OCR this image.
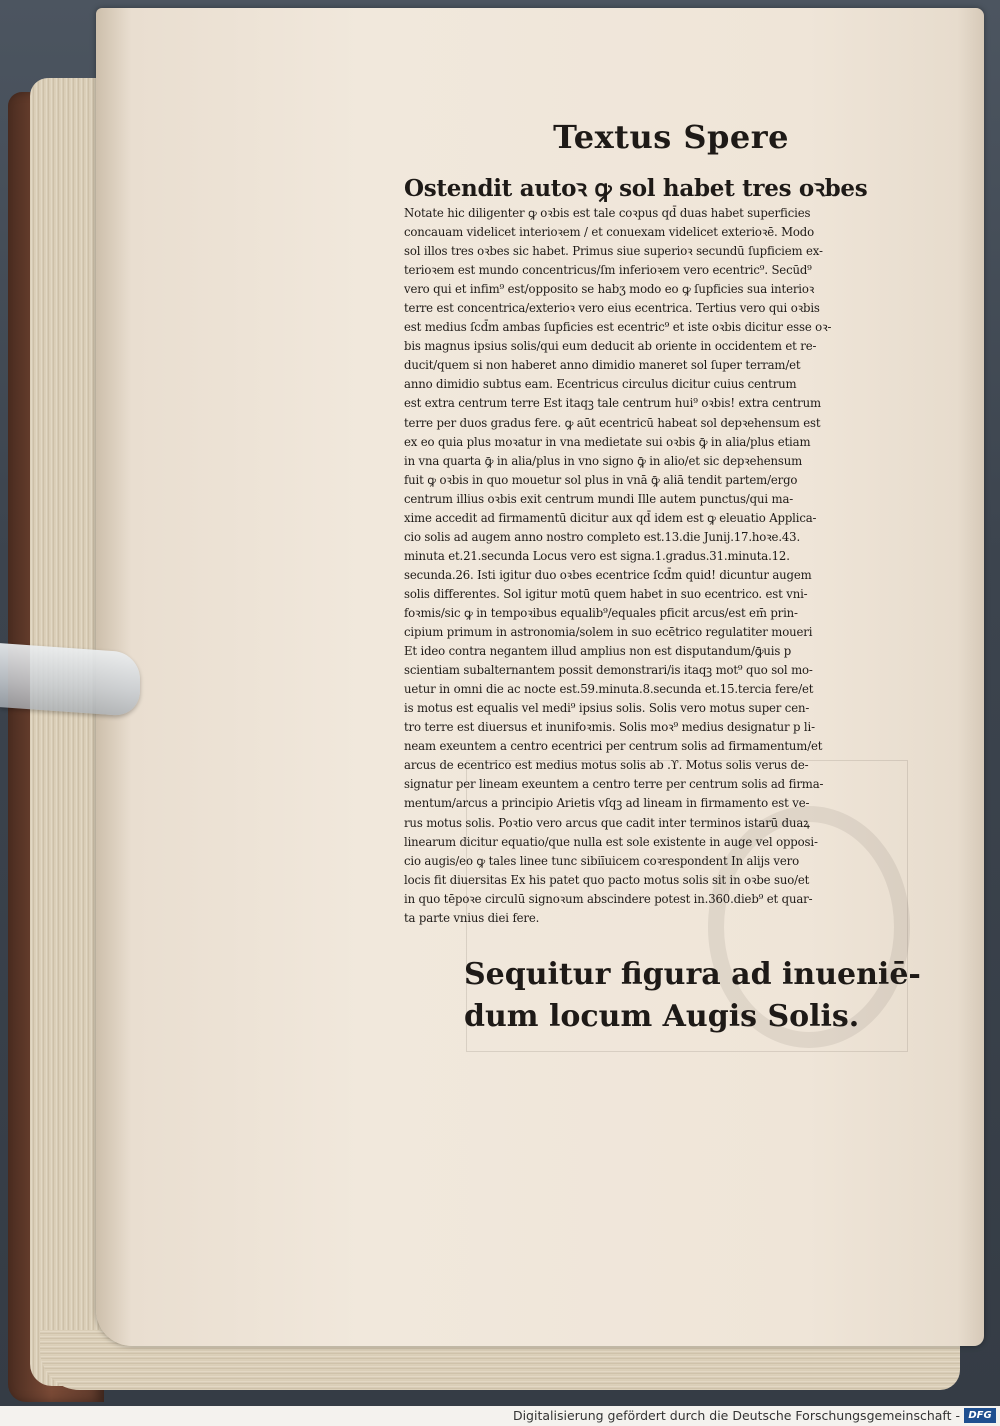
Textus Spere

Ostendit autoꝛ ꝙ sol habet tres oꝛbes

Notate hic diligenter ꝙ oꝛbis est tale coꝛpus qd̄ duas habet superficies
concauam videlicet interioꝛem / et conuexam videlicet exterioꝛē. Modo
sol illos tres oꝛbes sic habet. Primus siue superioꝛ secundū ſupficiem ex-
terioꝛem est mundo concentricus/ſm inferioꝛem vero ecentric⁹. Secūd⁹
vero qui et infim⁹ est/opposito se habʒ modo eo ꝙ ſupficies sua interioꝛ
terre est concentrica/exterioꝛ vero eius ecentrica. Tertius vero qui oꝛbis
est medius ſcd̄m ambas ſupficies est ecentric⁹ et iste oꝛbis dicitur esse oꝛ-
bis magnus ipsius solis/qui eum deducit ab oriente in occidentem et re-
ducit/quem si non haberet anno dimidio maneret sol ſuper terram/et
anno dimidio subtus eam. Ecentricus circulus dicitur cuius centrum
est extra centrum terre Est itaqꝫ tale centrum hui⁹ oꝛbis! extra centrum
terre per duos gradus fere. ꝙ aūt ecentricū habeat sol depꝛehensum est
ex eo quia plus moꝛatur in vna medietate sui oꝛbis ꝙ̄ in alia/plus etiam
in vna quarta ꝙ̄ in alia/plus in vno signo ꝙ̄ in alio/et sic depꝛehensum
fuit ꝙ oꝛbis in quo mouetur sol plus in vnā ꝙ̄ aliā tendit partem/ergo
centrum illius oꝛbis exit centrum mundi Ille autem punctus/qui ma-
xime accedit ad firmamentū dicitur aux qd̄ idem est ꝙ eleuatio Applica-
cio solis ad augem anno nostro completo est.13.die Junij.17.hoꝛe.43.
minuta et.21.secunda Locus vero est signa.1.gradus.31.minuta.12.
secunda.26. Isti igitur duo oꝛbes ecentrice ſcd̄m quid! dicuntur augem
solis differentes. Sol igitur motū quem habet in suo ecentrico. est vni-
foꝛmis/sic ꝙ in tempoꝛibus equalib⁹/equales pficit arcus/est em̄ prin-
cipium primum in astronomia/solem in suo ecētrico regulatiter moueri
Et ideo contra negantem illud amplius non est disputandum/ꝙ̄uis p
scientiam subalternantem possit demonstrari/is itaqꝫ mot⁹ quo sol mo-
uetur in omni die ac nocte est.59.minuta.8.secunda et.15.tercia fere/et
is motus est equalis vel medi⁹ ipsius solis. Solis vero motus super cen-
tro terre est diuersus et inunifoꝛmis. Solis moꝛ⁹ medius designatur p li-
neam exeuntem a centro ecentrici per centrum solis ad firmamentum/et
arcus de ecentrico est medius motus solis ab .ϒ. Motus solis verus de-
signatur per lineam exeuntem a centro terre per centrum solis ad firma-
mentum/arcus a principio Arietis vſqꝫ ad lineam in firmamento est ve-
rus motus solis. Poꝛtio vero arcus que cadit inter terminos istarū duaꝝ
linearum dicitur equatio/que nulla est sole existente in auge vel opposi-
cio augis/eo ꝙ tales linee tunc sibiīuicem coꝛrespondent In alijs vero
locis fit diuersitas Ex his patet quo pacto motus solis sit in oꝛbe suo/et
in quo tēpoꝛe circulū signoꝛum abscindere potest in.360.dieb⁹ et quar-
ta parte vnius diei fere.
Sequitur figura ad inueniē-
dum locum Augis Solis.
Digitalisierung gefördert durch die Deutsche Forschungsgemeinschaft - DFG
